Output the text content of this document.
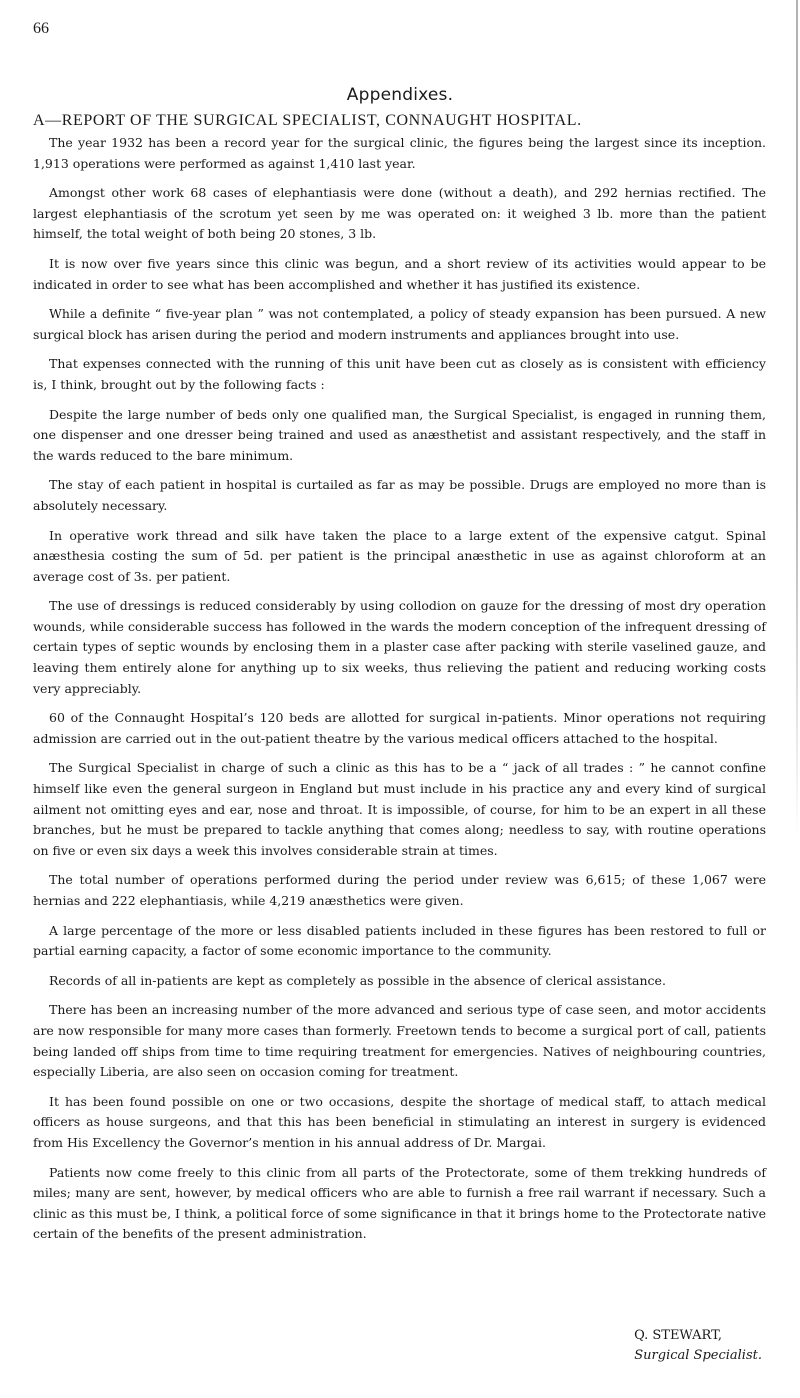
66
Appendixes.
A—REPORT OF THE SURGICAL SPECIALIST, CONNAUGHT HOSPITAL.

The year 1932 has been a record year for the surgical clinic, the figures being the largest since its inception. 1,913 operations were performed as against 1,410 last year.

Amongst other work 68 cases of elephantiasis were done (without a death), and 292 hernias rectified. The largest elephantiasis of the scrotum yet seen by me was operated on: it weighed 3 lb. more than the patient himself, the total weight of both being 20 stones, 3 lb.

It is now over five years since this clinic was begun, and a short review of its activities would appear to be indicated in order to see what has been accomplished and whether it has justified its existence.

While a definite “ five-year plan ” was not contemplated, a policy of steady expansion has been pursued. A new surgical block has arisen during the period and modern instruments and appliances brought into use.

That expenses connected with the running of this unit have been cut as closely as is consistent with efficiency is, I think, brought out by the following facts :

Despite the large number of beds only one qualified man, the Surgical Specialist, is engaged in running them, one dispenser and one dresser being trained and used as anæsthetist and assistant respectively, and the staff in the wards reduced to the bare minimum.

The stay of each patient in hospital is curtailed as far as may be possible. Drugs are employed no more than is absolutely necessary.

In operative work thread and silk have taken the place to a large extent of the expensive catgut. Spinal anæsthesia costing the sum of 5d. per patient is the principal anæsthetic in use as against chloroform at an average cost of 3s. per patient.

The use of dressings is reduced considerably by using collodion on gauze for the dressing of most dry operation wounds, while considerable success has followed in the wards the modern conception of the infrequent dressing of certain types of septic wounds by enclosing them in a plaster case after packing with sterile vaselined gauze, and leaving them entirely alone for anything up to six weeks, thus relieving the patient and reducing working costs very appreciably.

60 of the Connaught Hospital’s 120 beds are allotted for surgical in-patients. Minor operations not requiring admission are carried out in the out-patient theatre by the various medical officers attached to the hospital.

The Surgical Specialist in charge of such a clinic as this has to be a “ jack of all trades : ” he cannot confine himself like even the general surgeon in England but must include in his practice any and every kind of surgical ailment not omitting eyes and ear, nose and throat. It is impossible, of course, for him to be an expert in all these branches, but he must be prepared to tackle anything that comes along; needless to say, with routine operations on five or even six days a week this involves considerable strain at times.

The total number of operations performed during the period under review was 6,615; of these 1,067 were hernias and 222 elephantiasis, while 4,219 anæsthetics were given.

A large percentage of the more or less disabled patients included in these figures has been restored to full or partial earning capacity, a factor of some economic importance to the community.

Records of all in-patients are kept as completely as possible in the absence of clerical assistance.

There has been an increasing number of the more advanced and serious type of case seen, and motor accidents are now responsible for many more cases than formerly. Freetown tends to become a surgical port of call, patients being landed off ships from time to time requiring treatment for emergencies. Natives of neighbouring countries, especially Liberia, are also seen on occasion coming for treatment.

It has been found possible on one or two occasions, despite the shortage of medical staff, to attach medical officers as house surgeons, and that this has been beneficial in stimulating an interest in surgery is evidenced from His Excellency the Governor’s mention in his annual address of Dr. Margai.

Patients now come freely to this clinic from all parts of the Protectorate, some of them trekking hundreds of miles; many are sent, however, by medical officers who are able to furnish a free rail warrant if necessary. Such a clinic as this must be, I think, a political force of some significance in that it brings home to the Protectorate native certain of the benefits of the present administration.

Q. STEWART,
Surgical Specialist.
